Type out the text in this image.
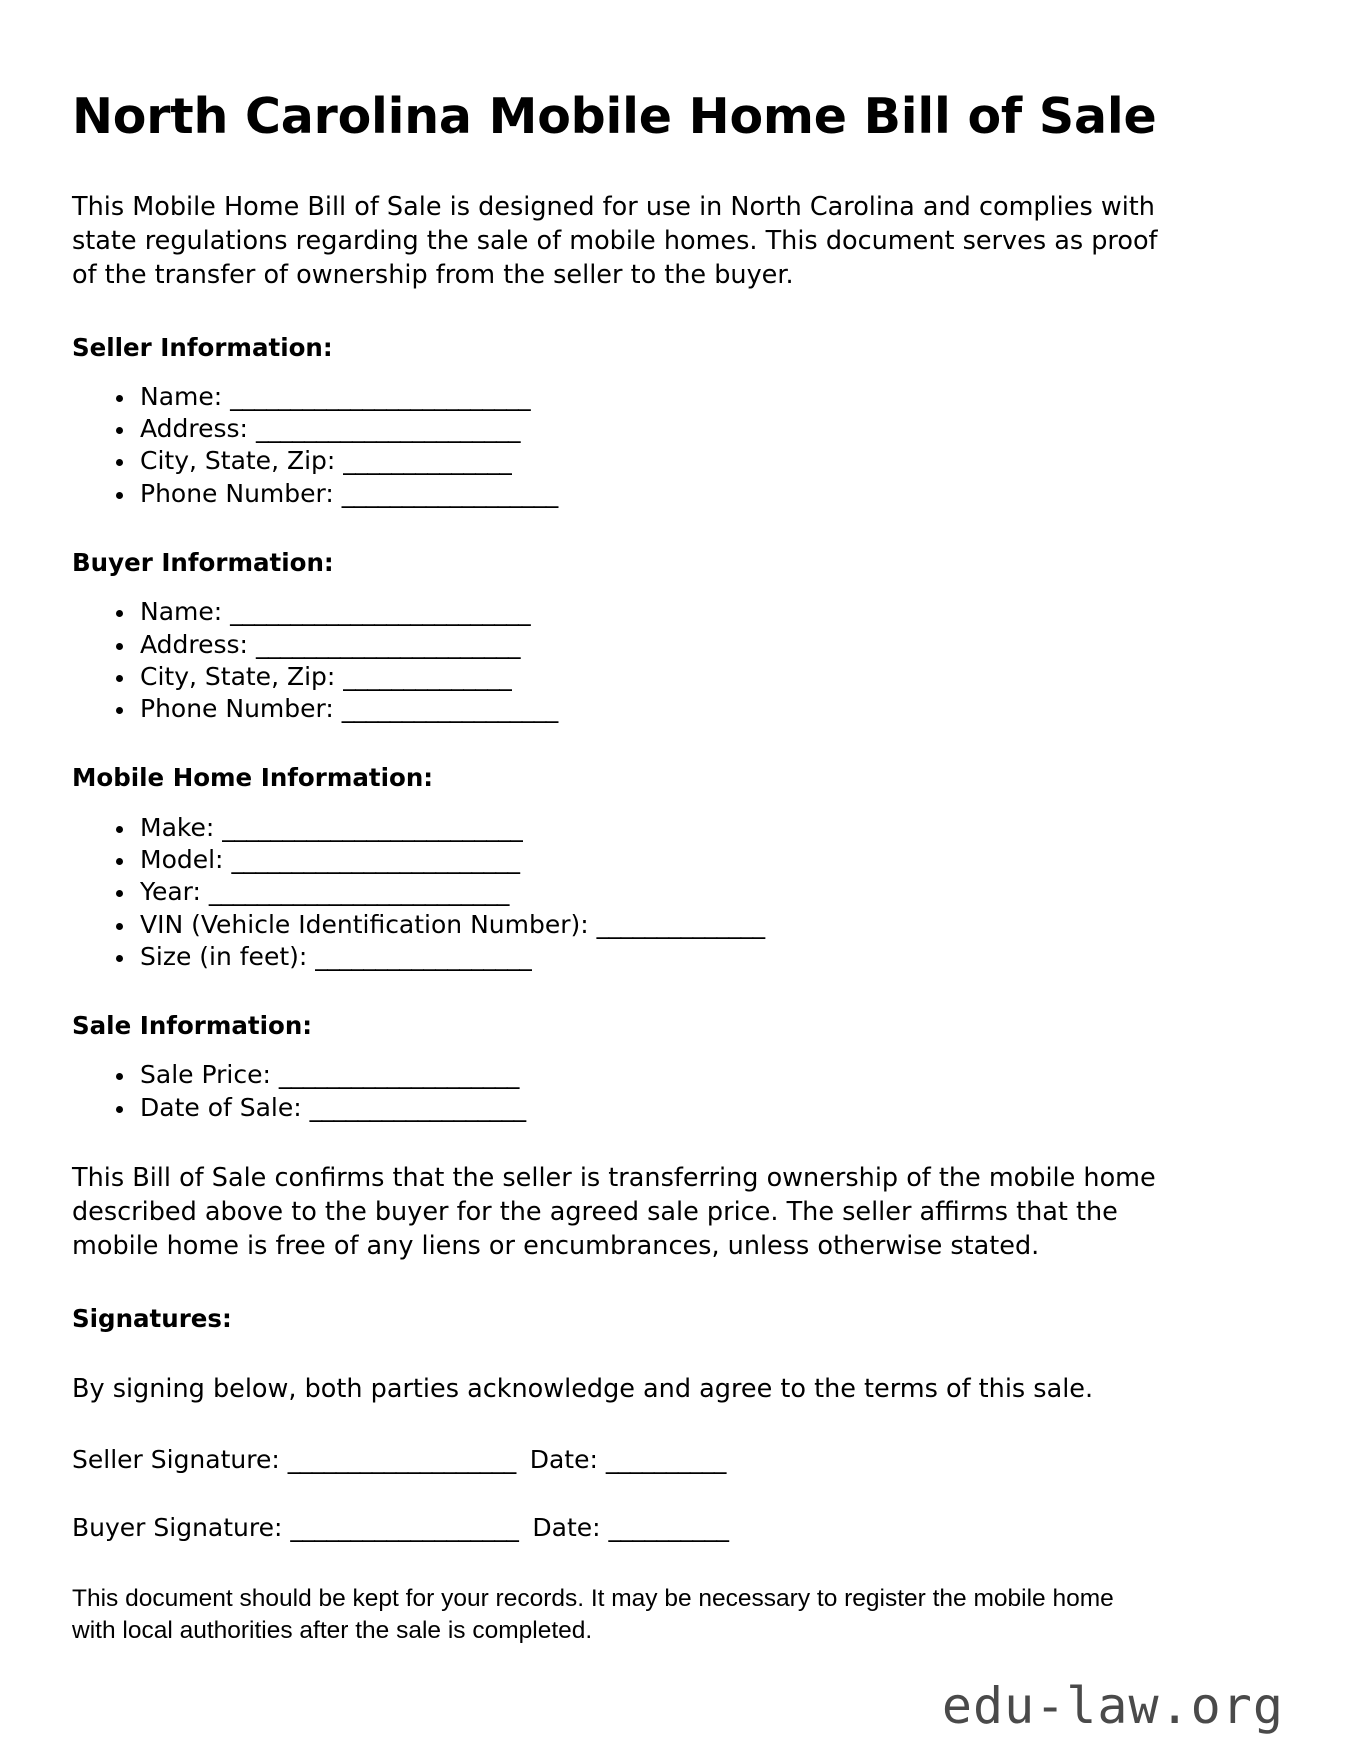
North Carolina Mobile Home Bill of Sale

This Mobile Home Bill of Sale is designed for use in North Carolina and complies with state regulations regarding the sale of mobile homes. This document serves as proof of the transfer of ownership from the seller to the buyer.

Seller Information:
Name: _________________________
Address: ______________________
City, State, Zip: ______________
Phone Number: __________________
Buyer Information:
Name: _________________________
Address: ______________________
City, State, Zip: ______________
Phone Number: __________________
Mobile Home Information:
Make: _________________________
Model: ________________________
Year: _________________________
VIN (Vehicle Identification Number): ______________
Size (in feet): __________________
Sale Information:
Sale Price: ____________________
Date of Sale: __________________

This Bill of Sale confirms that the seller is transferring ownership of the mobile home described above to the buyer for the agreed sale price. The seller affirms that the mobile home is free of any liens or encumbrances, unless otherwise stated.

Signatures:

By signing below, both parties acknowledge and agree to the terms of this sale.

Seller Signature: ___________________ Date: __________

Buyer Signature: ___________________ Date: __________

This document should be kept for your records. It may be necessary to register the mobile home with local authorities after the sale is completed.

edu-law.org
